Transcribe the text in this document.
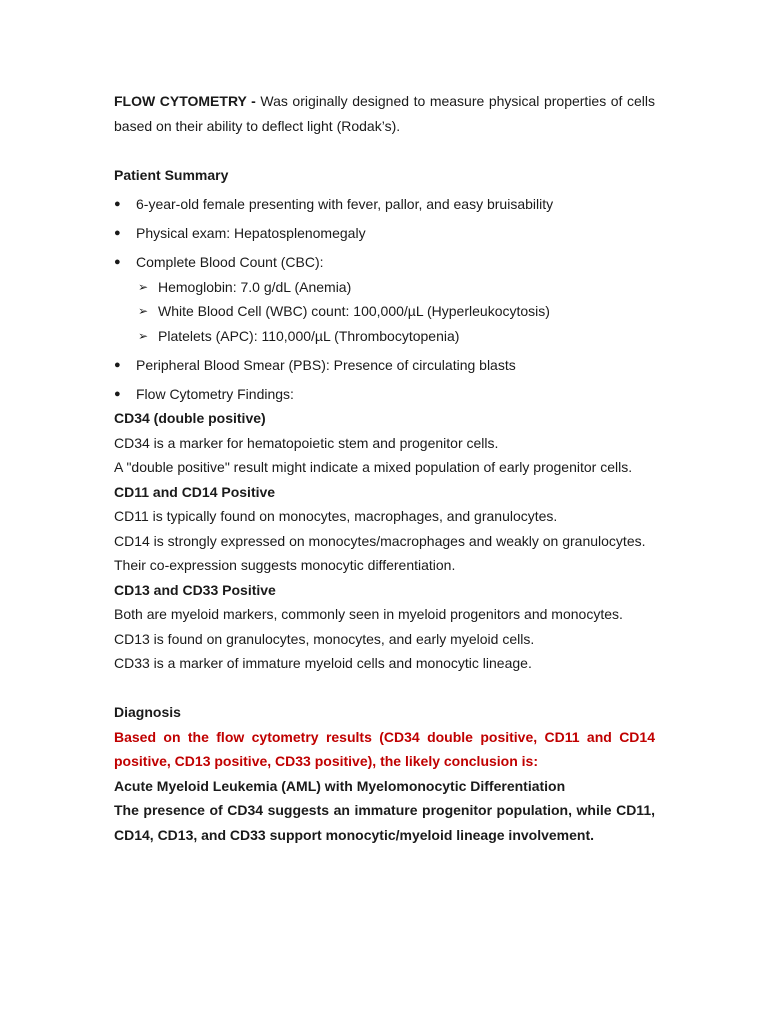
FLOW CYTOMETRY - Was originally designed to measure physical properties of cells

based on their ability to deflect light (Rodak’s).

Patient Summary

●	6-year-old female presenting with fever, pallor, and easy bruisability
●	Physical exam: Hepatosplenomegaly
●	Complete Blood Count (CBC):
➢ Hemoglobin: 7.0 g/dL (Anemia)
➢ White Blood Cell (WBC) count: 100,000/µL (Hyperleukocytosis)
➢ Platelets (APC): 110,000/µL (Thrombocytopenia)
●	Peripheral Blood Smear (PBS): Presence of circulating blasts
●	Flow Cytometry Findings:

CD34 (double positive)

CD34 is a marker for hematopoietic stem and progenitor cells.

A "double positive" result might indicate a mixed population of early progenitor cells.

CD11 and CD14 Positive

CD11 is typically found on monocytes, macrophages, and granulocytes.

CD14 is strongly expressed on monocytes/macrophages and weakly on granulocytes.

Their co-expression suggests monocytic differentiation.

CD13 and CD33 Positive

Both are myeloid markers, commonly seen in myeloid progenitors and monocytes.

CD13 is found on granulocytes, monocytes, and early myeloid cells.

CD33 is a marker of immature myeloid cells and monocytic lineage.

Diagnosis

Based on the flow cytometry results (CD34 double positive, CD11 and CD14

positive, CD13 positive, CD33 positive), the likely conclusion is:

Acute Myeloid Leukemia (AML) with Myelomonocytic Differentiation

The presence of CD34 suggests an immature progenitor population, while CD11,

CD14, CD13, and CD33 support monocytic/myeloid lineage involvement.
